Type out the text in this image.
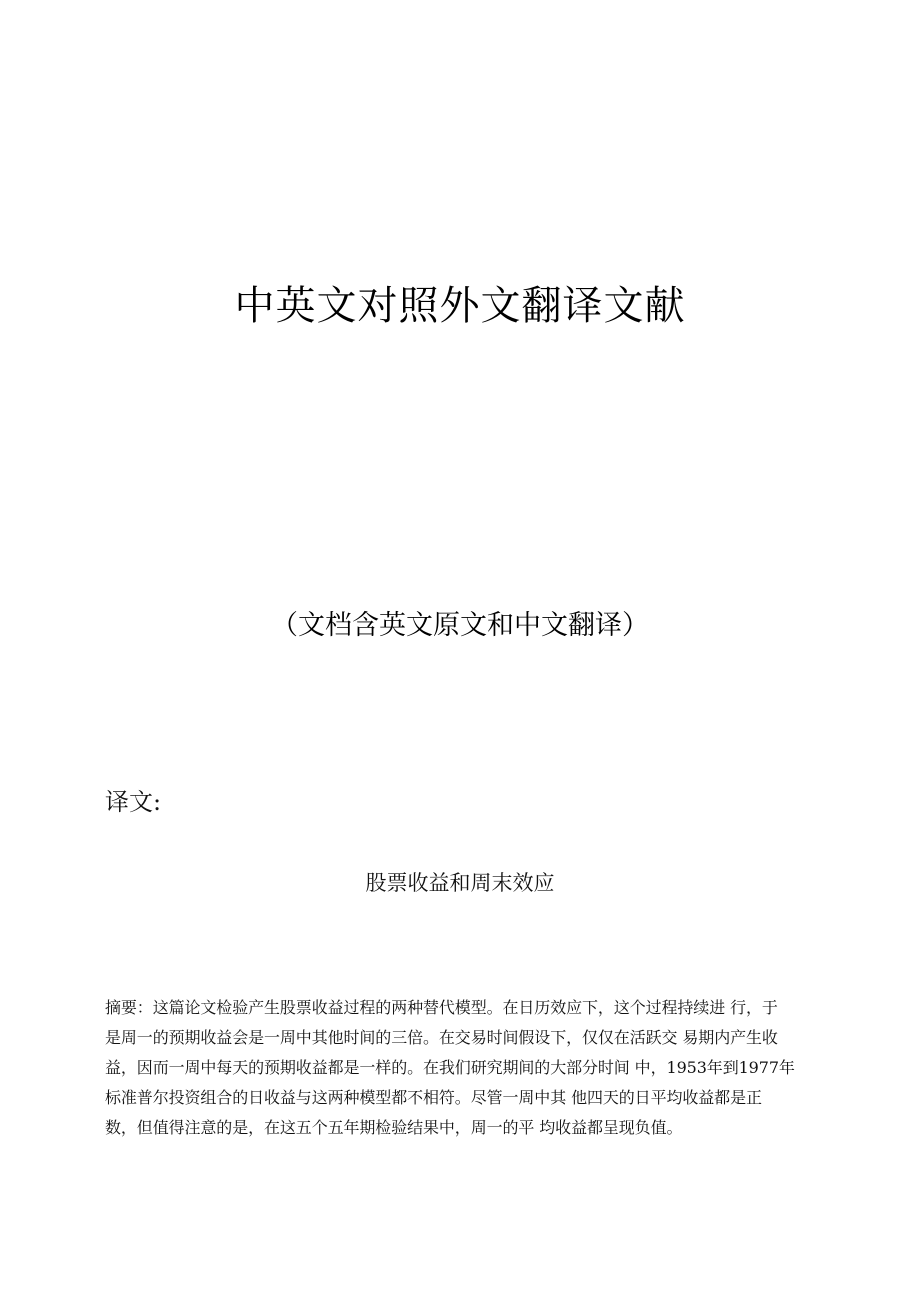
中英文对照外文翻译文献
（文档含英文原文和中文翻译）
译文:
股票收益和周末效应

摘要：这篇论文检验产生股票收益过程的两种替代模型。在日历效应下，这个过程持续进 行，于
是周一的预期收益会是一周中其他时间的三倍。在交易时间假设下，仅仅在活跃交 易期内产生收
益，因而一周中每天的预期收益都是一样的。在我们研究期间的大部分时间 中，1953年到1977年
标准普尔投资组合的日收益与这两种模型都不相符。尽管一周中其 他四天的日平均收益都是正
数，但值得注意的是，在这五个五年期检验结果中，周一的平 均收益都呈现负值。
